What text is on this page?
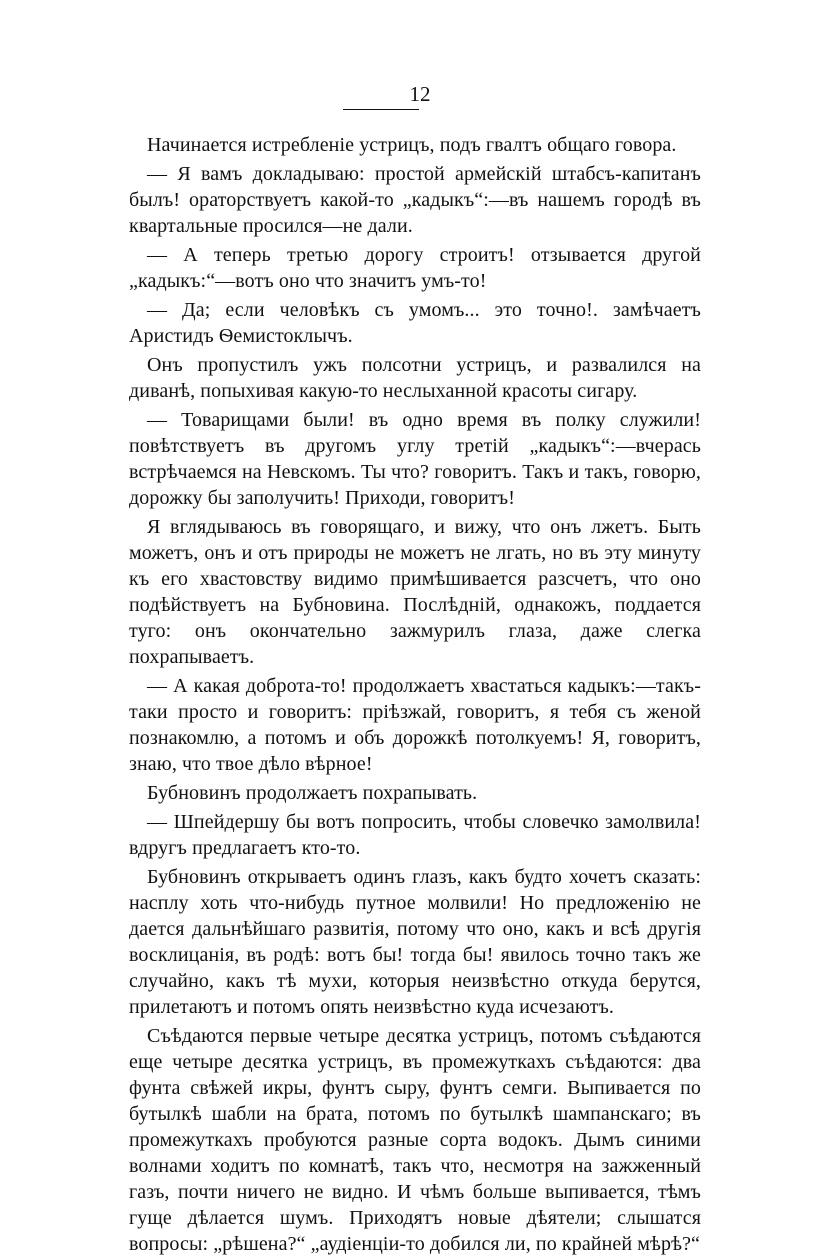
12

Начинается истребленіе устрицъ, подъ гвалтъ общаго говора.

— Я вамъ докладываю: простой армейскій штабсъ-капитанъ былъ! ораторствуетъ какой-то „кадыкъ“:—въ нашемъ городѣ въ квартальные просился—не дали.

— А теперь третью дорогу строитъ! отзывается другой „кадыкъ:“—вотъ оно что значитъ умъ-то!

— Да; если человѣкъ съ умомъ... это точно!. замѣчаетъ Аристидъ Ѳемистоклычъ.

Онъ пропустилъ ужъ полсотни устрицъ, и развалился на диванѣ, попыхивая какую-то неслыханной красоты сигару.

— Товарищами были! въ одно время въ полку служили! повѣтствуетъ въ другомъ углу третій „кадыкъ“:—вчерась встрѣчаемся на Невскомъ. Ты что? говоритъ. Такъ и такъ, говорю, дорожку бы заполучить! Приходи, говоритъ!

Я вглядываюсь въ говорящаго, и вижу, что онъ лжетъ. Быть можетъ, онъ и отъ природы не можетъ не лгать, но въ эту минуту къ его хвастовству видимо примѣшивается разсчетъ, что оно подѣйствуетъ на Бубновина. Послѣдній, однакожъ, поддается туго: онъ окончательно зажмурилъ глаза, даже слегка похрапываетъ.

— А какая доброта-то! продолжаетъ хвастаться кадыкъ:—такъ-таки просто и говоритъ: пріѣзжай, говоритъ, я тебя съ женой познакомлю, а потомъ и объ дорожкѣ потолкуемъ! Я, говоритъ, знаю, что твое дѣло вѣрное!

Бубновинъ продолжаетъ похрапывать.

— Шпейдершу бы вотъ попросить, чтобы словечко замолвила! вдругъ предлагаетъ кто-то.

Бубновинъ открываетъ одинъ глазъ, какъ будто хочетъ сказать: насплу хоть что-нибудь путное молвили! Но предложенію не дается дальнѣйшаго развитія, потому что оно, какъ и всѣ другія восклицанія, въ родѣ: вотъ бы! тогда бы! явилось точно такъ же случайно, какъ тѣ мухи, которыя неизвѣстно откуда берутся, прилетаютъ и потомъ опять неизвѣстно куда исчезаютъ.

Съѣдаются первые четыре десятка устрицъ, потомъ съѣдаются еще четыре десятка устрицъ, въ промежуткахъ съѣдаются: два фунта свѣжей икры, фунтъ сыру, фунтъ семги. Выпивается по бутылкѣ шабли на брата, потомъ по бутылкѣ шампанскаго; въ промежуткахъ пробуются разные сорта водокъ. Дымъ синими волнами ходитъ по комнатѣ, такъ что, несмотря на зажженный газъ, почти ничего не видно. И чѣмъ больше выпивается, тѣмъ гуще дѣлается шумъ. Приходятъ новые дѣятели; слышатся вопросы: „рѣшена?“ „аудіенціи-то добился ли, по крайней мѣрѣ?“
